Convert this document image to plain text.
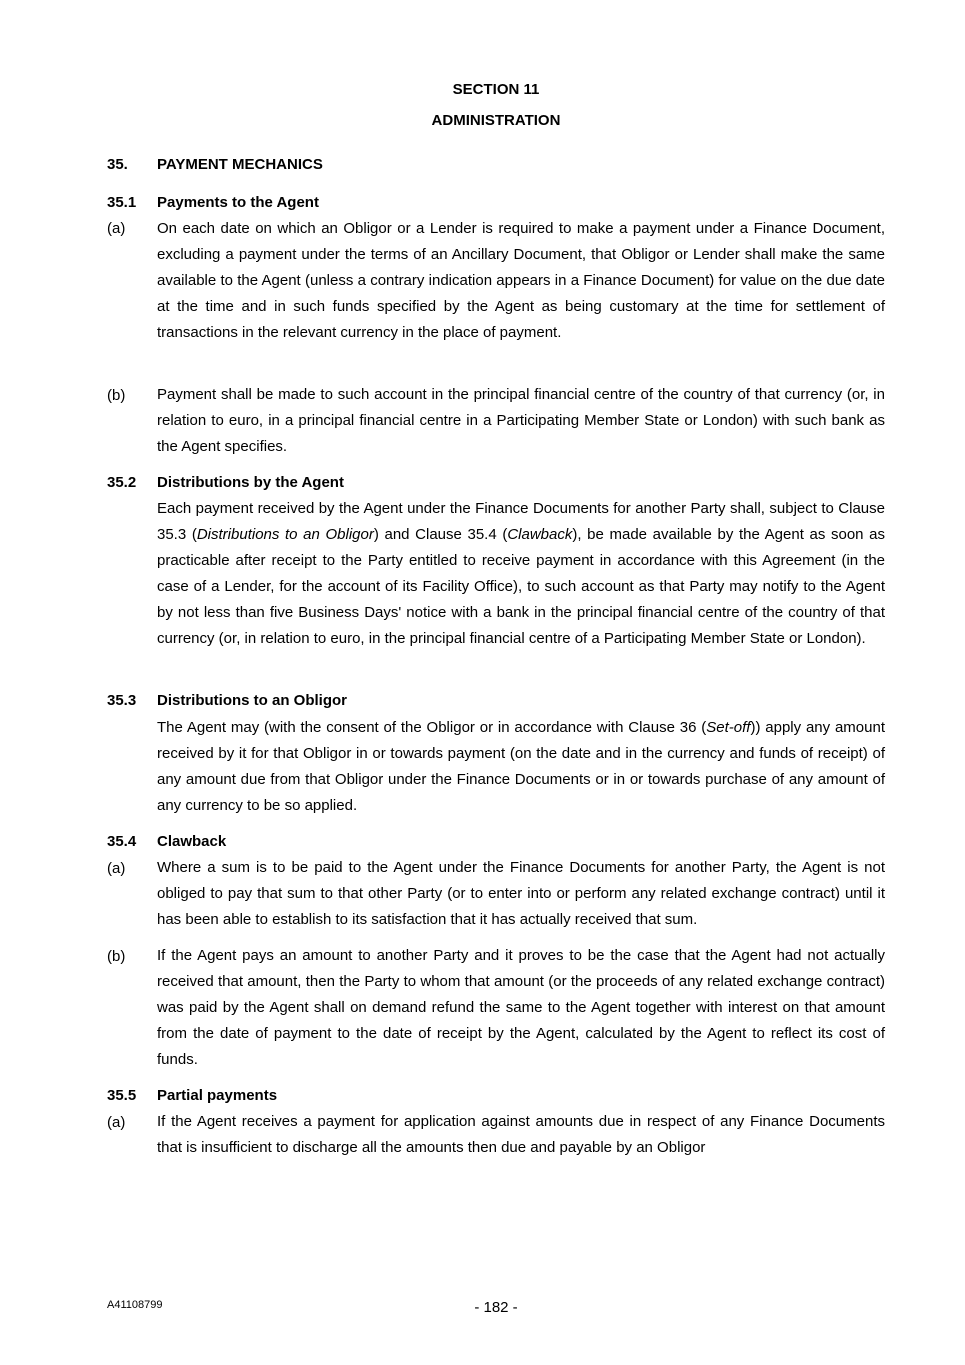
SECTION 11
ADMINISTRATION
35. PAYMENT MECHANICS
35.1 Payments to the Agent
(a) On each date on which an Obligor or a Lender is required to make a payment under a Finance Document, excluding a payment under the terms of an Ancillary Document, that Obligor or Lender shall make the same available to the Agent (unless a contrary indication appears in a Finance Document) for value on the due date at the time and in such funds specified by the Agent as being customary at the time for settlement of transactions in the relevant currency in the place of payment.
(b) Payment shall be made to such account in the principal financial centre of the country of that currency (or, in relation to euro, in a principal financial centre in a Participating Member State or London) with such bank as the Agent specifies.
35.2 Distributions by the Agent
Each payment received by the Agent under the Finance Documents for another Party shall, subject to Clause 35.3 (Distributions to an Obligor) and Clause 35.4 (Clawback), be made available by the Agent as soon as practicable after receipt to the Party entitled to receive payment in accordance with this Agreement (in the case of a Lender, for the account of its Facility Office), to such account as that Party may notify to the Agent by not less than five Business Days' notice with a bank in the principal financial centre of the country of that currency (or, in relation to euro, in the principal financial centre of a Participating Member State or London).
35.3 Distributions to an Obligor
The Agent may (with the consent of the Obligor or in accordance with Clause 36 (Set-off)) apply any amount received by it for that Obligor in or towards payment (on the date and in the currency and funds of receipt) of any amount due from that Obligor under the Finance Documents or in or towards purchase of any amount of any currency to be so applied.
35.4 Clawback
(a) Where a sum is to be paid to the Agent under the Finance Documents for another Party, the Agent is not obliged to pay that sum to that other Party (or to enter into or perform any related exchange contract) until it has been able to establish to its satisfaction that it has actually received that sum.
(b) If the Agent pays an amount to another Party and it proves to be the case that the Agent had not actually received that amount, then the Party to whom that amount (or the proceeds of any related exchange contract) was paid by the Agent shall on demand refund the same to the Agent together with interest on that amount from the date of payment to the date of receipt by the Agent, calculated by the Agent to reflect its cost of funds.
35.5 Partial payments
(a) If the Agent receives a payment for application against amounts due in respect of any Finance Documents that is insufficient to discharge all the amounts then due and payable by an Obligor
A41108799	- 182 -
